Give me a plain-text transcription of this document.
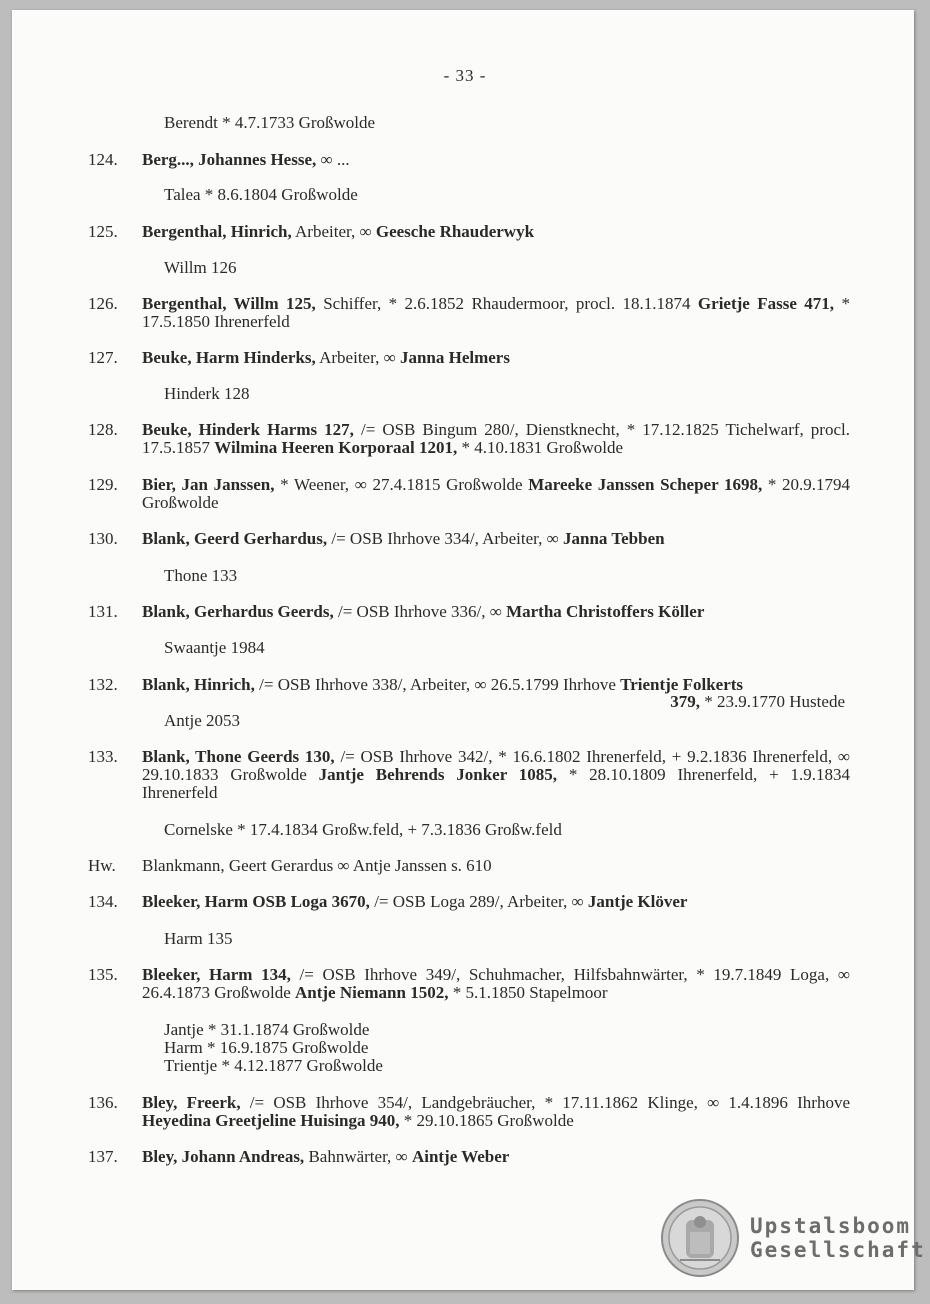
- 33 -
Berendt * 4.7.1733 Großwolde
124. Berg..., Johannes Hesse, ∞ ...
Talea * 8.6.1804 Großwolde
125. Bergenthal, Hinrich, Arbeiter, ∞ Geesche Rhauderwyk
Willm 126
126. Bergenthal, Willm 125, Schiffer, * 2.6.1852 Rhaudermoor, procl. 18.1.1874 Grietje Fasse 471, * 17.5.1850 Ihrenerfeld
127. Beuke, Harm Hinderks, Arbeiter, ∞ Janna Helmers
Hinderk 128
128. Beuke, Hinderk Harms 127, /= OSB Bingum 280/, Dienstknecht, * 17.12.1825 Tichelwarf, procl. 17.5.1857 Wilmina Heeren Korporaal 1201, * 4.10.1831 Großwolde
129. Bier, Jan Janssen, * Weener, ∞ 27.4.1815 Großwolde Mareeke Janssen Scheper 1698, * 20.9.1794 Großwolde
130. Blank, Geerd Gerhardus, /= OSB Ihrhove 334/, Arbeiter, ∞ Janna Tebben
Thone 133
131. Blank, Gerhardus Geerds, /= OSB Ihrhove 336/, ∞ Martha Christoffers Köller
Swaantje 1984
132. Blank, Hinrich, /= OSB Ihrhove 338/, Arbeiter, ∞ 26.5.1799 Ihrhove Trientje Folkerts
379, * 23.9.1770 Hustede
Antje 2053
133. Blank, Thone Geerds 130, /= OSB Ihrhove 342/, * 16.6.1802 Ihrenerfeld, + 9.2.1836 Ihrenerfeld, ∞ 29.10.1833 Großwolde Jantje Behrends Jonker 1085, * 28.10.1809 Ihrenerfeld, + 1.9.1834 Ihrenerfeld
Cornelske * 17.4.1834 Großw.feld, + 7.3.1836 Großw.feld
Hw. Blankmann, Geert Gerardus ∞ Antje Janssen s. 610
134. Bleeker, Harm OSB Loga 3670, /= OSB Loga 289/, Arbeiter, ∞ Jantje Klöver
Harm 135
135. Bleeker, Harm 134, /= OSB Ihrhove 349/, Schuhmacher, Hilfsbahnwärter, * 19.7.1849 Loga, ∞ 26.4.1873 Großwolde Antje Niemann 1502, * 5.1.1850 Stapelmoor
Jantje * 31.1.1874 Großwolde
Harm * 16.9.1875 Großwolde
Trientje * 4.12.1877 Großwolde
136. Bley, Freerk, /= OSB Ihrhove 354/, Landgebräucher, * 17.11.1862 Klinge, ∞ 1.4.1896 Ihrhove Heyedina Greetjeline Huisinga 940, * 29.10.1865 Großwolde
137. Bley, Johann Andreas, Bahnwärter, ∞ Aintje Weber
Upstalsboom
Gesellschaft
